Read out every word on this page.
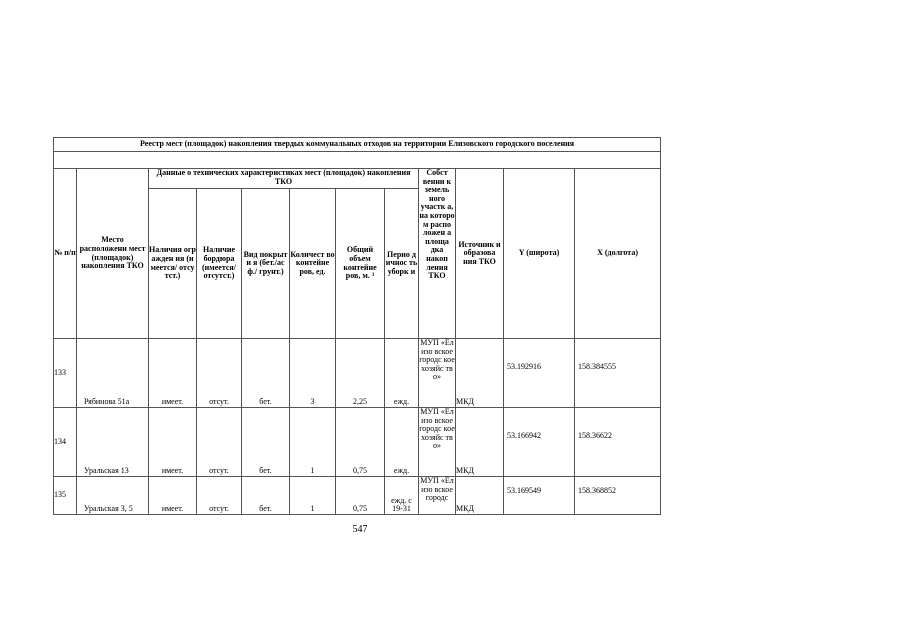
Реестр мест (площадок) накопления твердых коммунальных отходов на территории Елизовского городского поселения											

№ п/п	Место расположени мест (площадок) накопления ТКО	Данные о технических характеристиках мест (площадок) накопления ТКО						Собст венни к земель ного участк а, на которо м распо ложен а площа дка накоп ления ТКО	Источник и образова ния ТКО	Y (широта)	X (долгота)
		Наличия огражден ия (имеется/ отсутст.)	Наличие бордюра (имеется/ отсутст.)	Вид покрыти я (бет./асф./ грунт.)	Количест во контейне ров, ед.	Общий объем контейне ров, м. ³	Перио дичнос ть уборк и				
133	Рябинова 51а	имеет.	отсут.	бет.	3	2,25	ежд.	МУП «Елизо вское городс кое хозяйс тво»	МКД	53.192916	158.384555
134	Уральская 13	имеет.	отсут.	бет.	1	0,75	ежд.	МУП «Елизо вское городс кое хозяйс тво»	МКД	53.166942	158.36622
135	Уральская 3, 5	имеет.	отсут.	бет.	1	0,75	ежд. с 19-31	МУП «Елизо вское городс	МКД	53.169549	158.368852
547
